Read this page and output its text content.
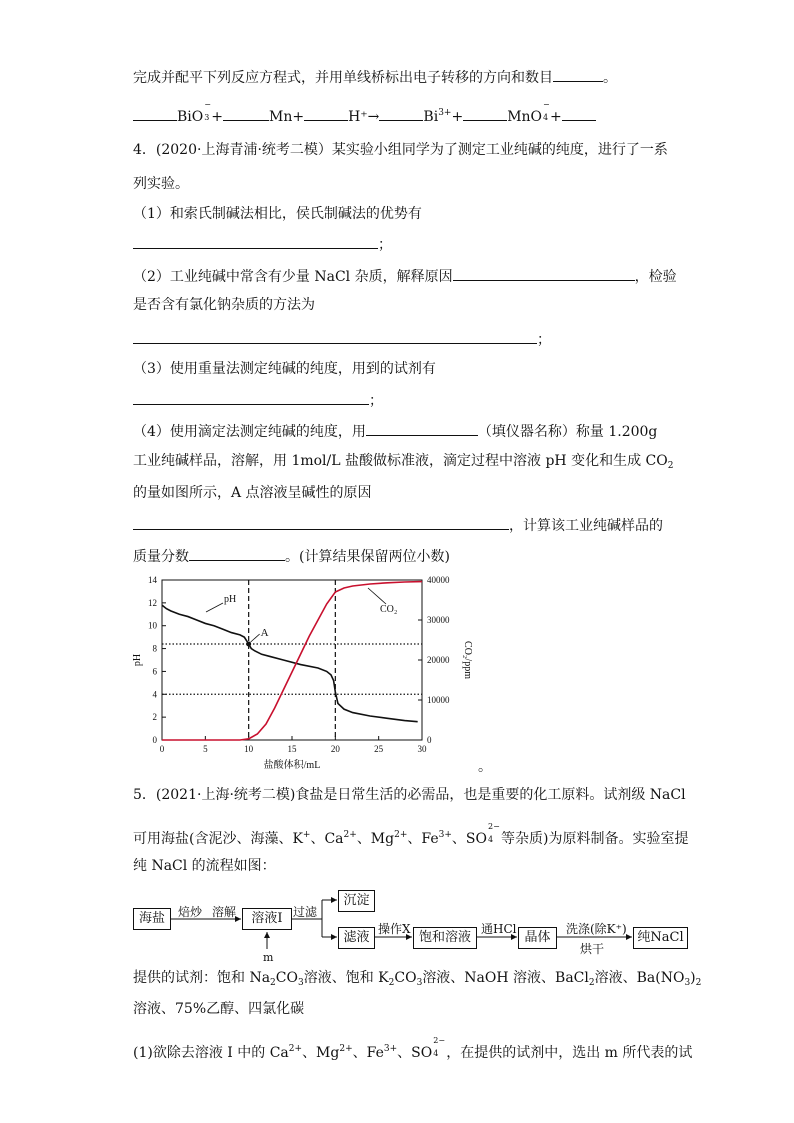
完成并配平下列反应方程式，并用单线桥标出电子转移的方向和数目	。
BiO
−
3 +	Mn+	H⁺→	$Bi^{3+}+$	MnO
−
4 +
4．(2020·上海青浦·统考二模）某实验小组同学为了测定工业纯碱的纯度，进行了一系
列实验。
（1）和索氏制碱法相比，侯氏制碱法的优势有
；
（2）工业纯碱中常含有少量 NaCl 杂质，解释原因	，检验
是否含有氯化钠杂质的方法为
；
（3）使用重量法测定纯碱的纯度，用到的试剂有
；
（4）使用滴定法测定纯碱的纯度，用	（填仪器名称）称量 1.200g
工业纯碱样品，溶解，用 1mol/L 盐酸做标准液，滴定过程中溶液 pH 变化和生成 $CO_2$
的量如图所示，A 点溶液呈碱性的原因
，计算该工业纯碱样品的
质量分数	。(计算结果保留两位小数)
0	5	10	15	20	25	30
0
2
4
6
8
10
12
14
0
10000
20000
30000
40000
A
pH
CO₂
盐酸体积/mL
pH	CO₂/ppm
。
5．(2021·上海·统考二模)食盐是日常生活的必需品，也是重要的化工原料。试剂级 NaCl
可用海盐(含泥沙、海藻、K+、$Ca^{2+}$、$Mg^{2+}$、$Fe^{3+}$、SO
2−
4 等杂质)为原料制备。实验室提
纯 NaCl 的流程如图：
海盐	溶液I
沉淀
滤液	饱和溶液	晶体	纯NaCl
焙炒 溶解	过滤
操作X	通HCl	洗涤(除K⁺)
烘干
m
提供的试剂：饱和 $Na_2CO_3$溶液、饱和 $K_2CO_3$溶液、NaOH 溶液、BaCl$_2$溶液、$Ba(NO_3)_2$
溶液、75%乙醇、四氯化碳
(1)欲除去溶液 I 中的 $Ca^{2+}$、$Mg^{2+}$、$Fe^{3+}$、SO
2−
4 ，在提供的试剂中，选出 m 所代表的试
